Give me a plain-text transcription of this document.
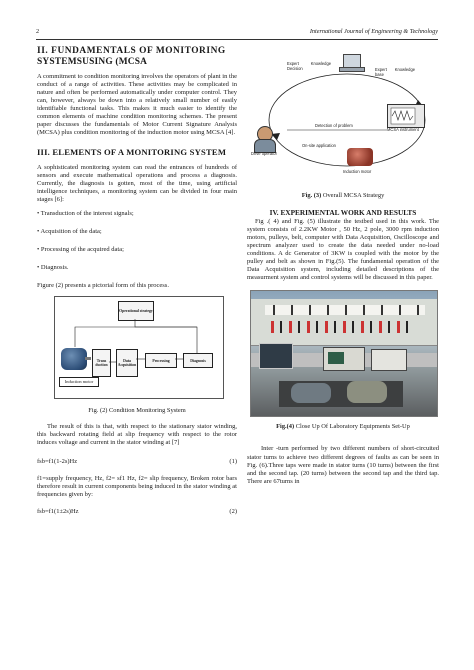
2	International Journal of Engineering & Technology
II. FUNDAMENTALS OF MONITORING
SYSTEMSUSING (MCSA

A commitment to condition monitoring involves the operators of plant in the conduct of a range of activities. These activities may be complicated in nature and often be performed automatically under computer control. They can, however, always be down into a relatively small number of easily identifiable functional tasks. This makes it much easier to identify the common elements of machine condition monitoring schemes. The present paper discusses the fundamentals of Motor Current Signature Analysis (MCSA) plus condition monitoring of the induction motor using MCSA [4].

III. ELEMENTS OF A MONITORING SYSTEM

A sophisticated monitoring system can read the entrances of hundreds of sensors and execute mathematical operations and process a diagnosis. Currently, the diagnosis is gotten, most of the time, using artificial intelligence techniques, a monitoring system can be divided in four main stages [6]:

• Transduction of the interest signals;

• Acquisition of the data;

• Processing of the acquired data;

• Diagnosis.

Figure (2) presents a pictorial form of this process.

Operational strategy
Trans duction
Data Acquisition
Processing	Diagnosis
Induction motor

Fig. (2) Condition Monitoring System

The result of this is that, with respect to the stationary stator winding, this backward rotating field at slip frequency with respect to the rotor induces voltage and current in the stator winding at [7]

fsb=f1(1-2s)Hz	(1)

f1=supply frequency, Hz, f2= sf1 Hz, f2= slip frequency, Broken rotor bars therefore result in current components being induced in the stator winding at frequencies given by:

fsb=f1(1±2s)Hz	(2)
Expert Knowledge Decision	Expert Knowledge base
MCSA instrument
Detection of problem
Drive operator
On-site application
Induction motor

Fig. (3) Overall MCSA Strategy

IV. EXPERIMENTAL WORK AND RESULTS

Fig .( 4) and Fig. (5) illustrate the testbed used in this work. The system consists of 2.2KW Motor , 50 Hz, 2 pole, 3000 rpm induction motors, pulleys, belt, computer with Data Acquisition, Oscilloscope and spectrum analyzer used to create the data needed under no-load conditions. A dc Generator of 3KW is coupled with the motor by the pulley and belt as shown in Fig.(5). The fundamental operation of the Data Acquisition system, including detailed descriptions of the measurment system and control systems will be discussed in this paper.

Fig.(4) Close Up Of Laboratory Equipments Set-Up

Inter -turn performed by two different numbers of short-circuited stator turns to achieve two different degrees of faults as can be seen in Fig. (6).Three taps were made in stator turns (10 turns) between the first and the second tap. (20 turns) between the second tap and the third tap. There are 67turns in
